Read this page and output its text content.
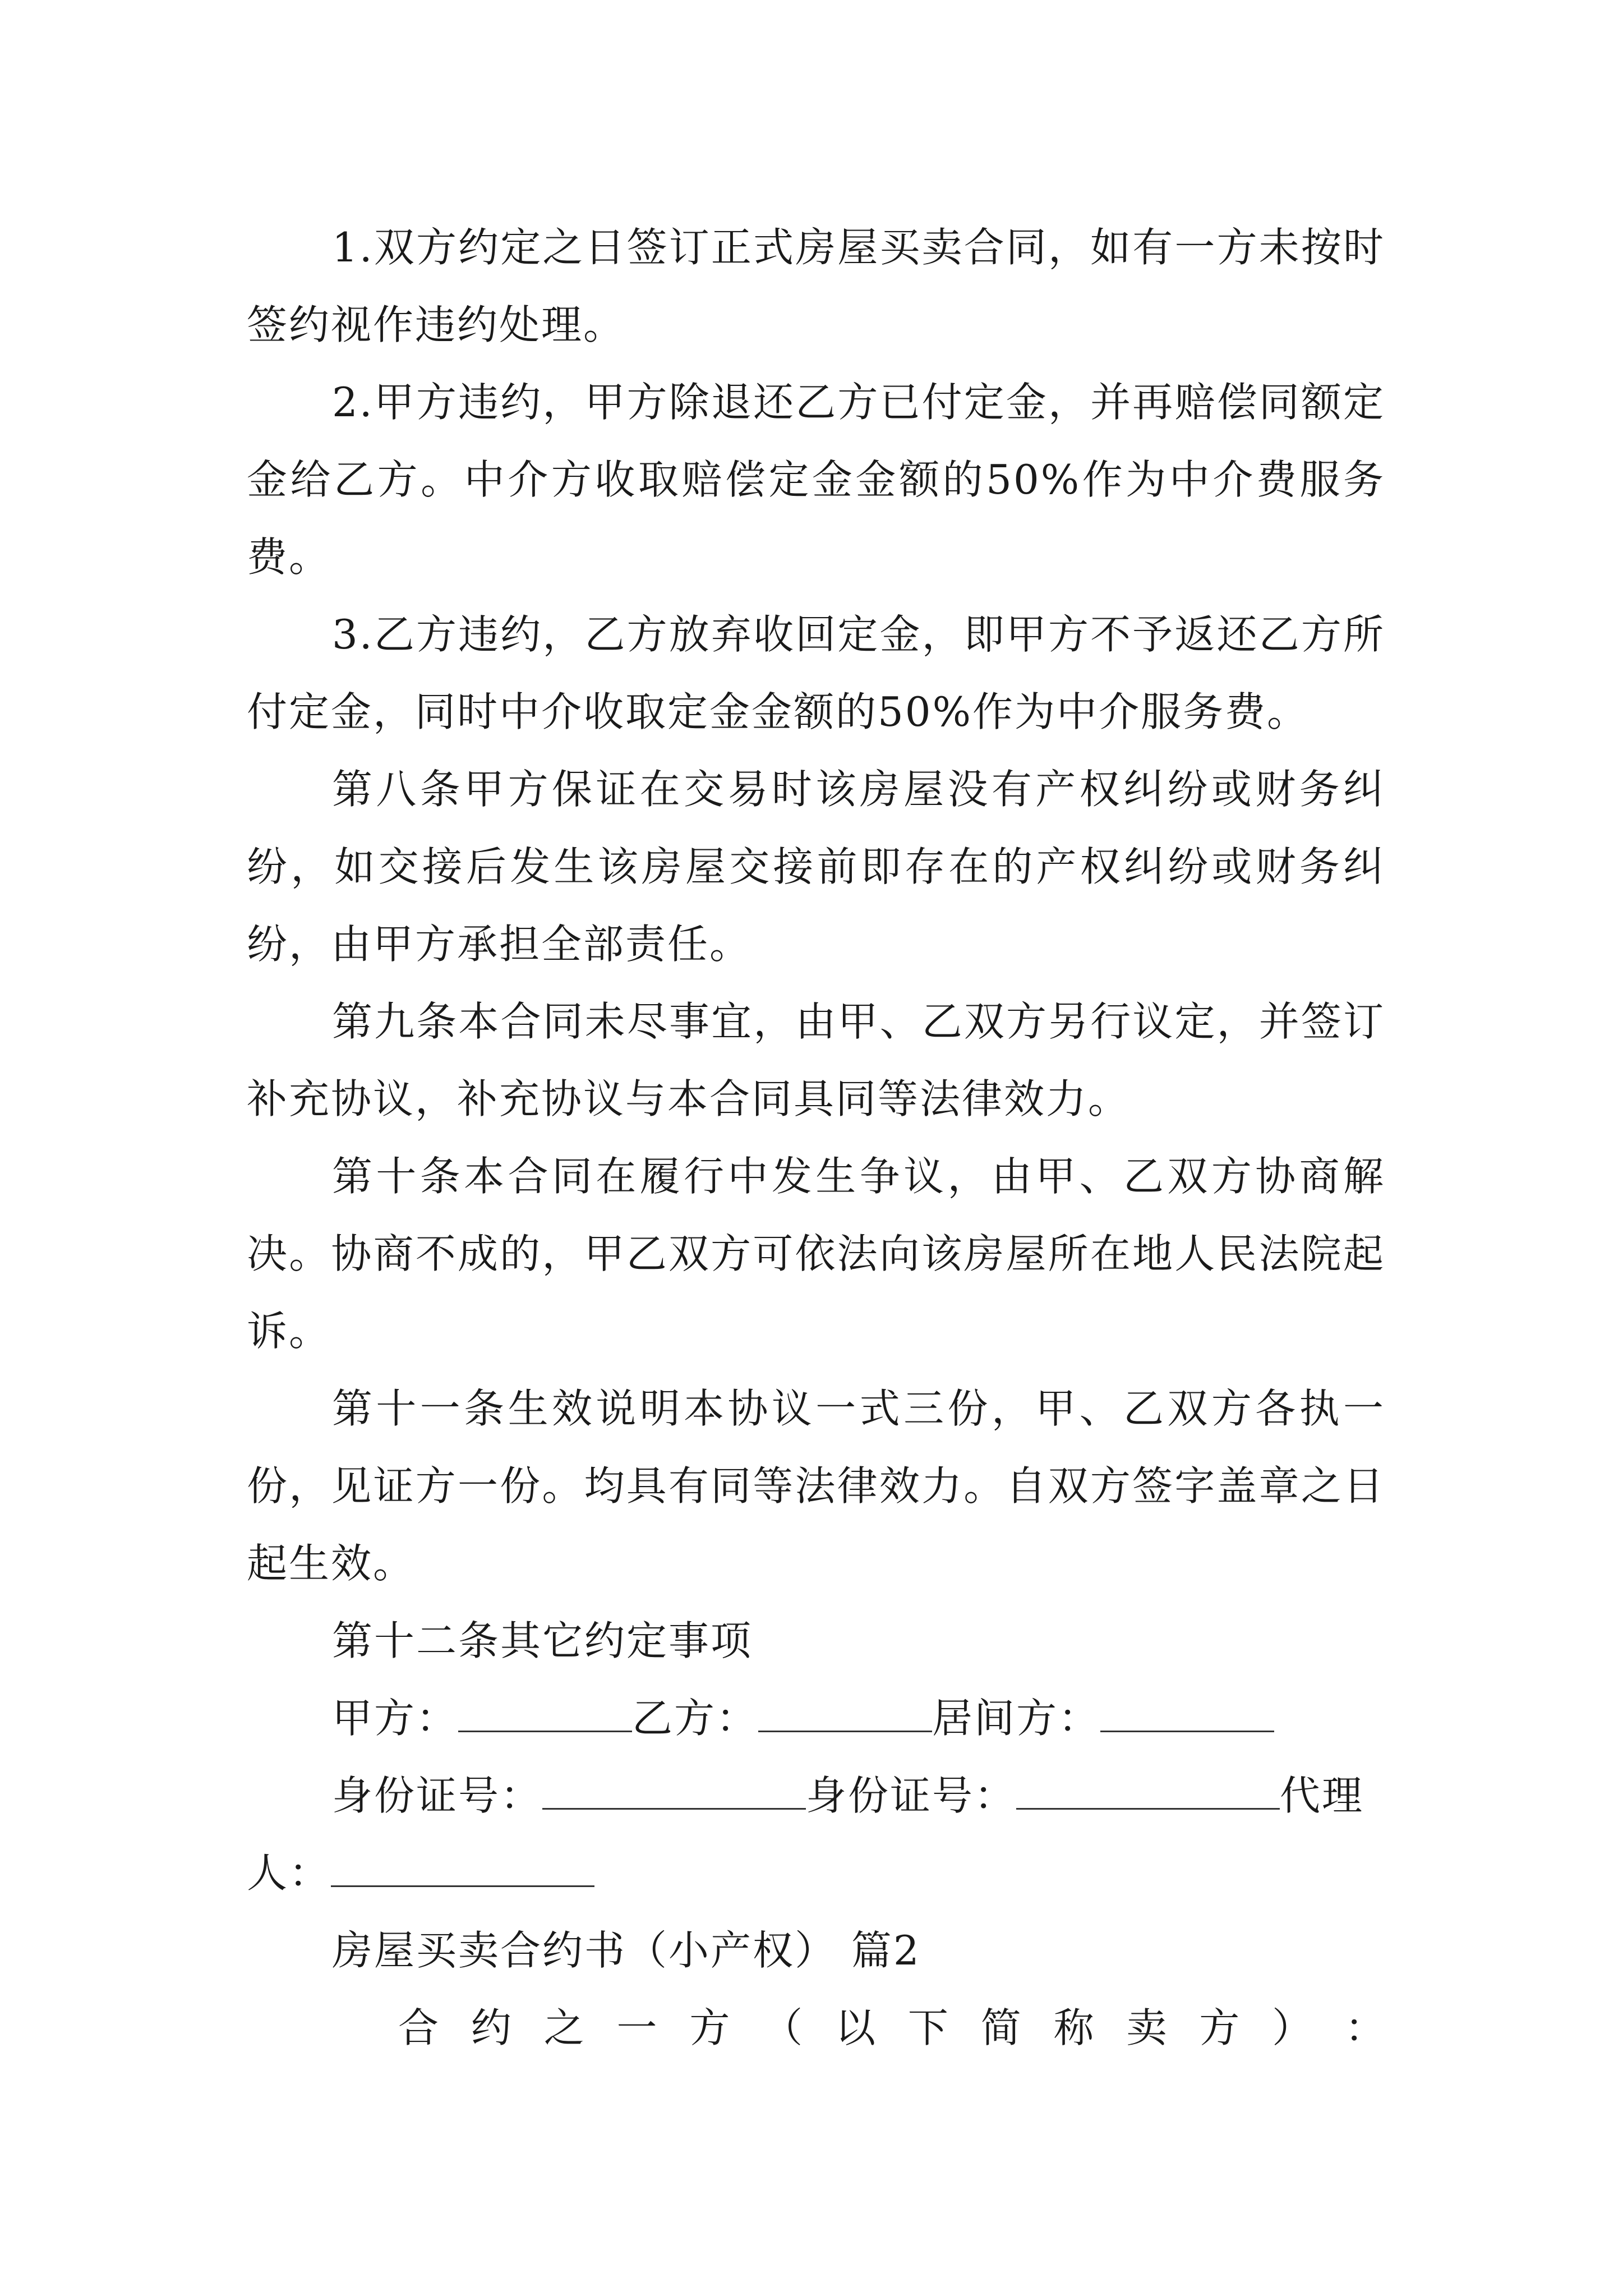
1.双方约定之日签订正式房屋买卖合同，如有一方未按时签约视作违约处理。

2.甲方违约，甲方除退还乙方已付定金，并再赔偿同额定金给乙方。中介方收取赔偿定金金额的50%作为中介费服务费。

3.乙方违约，乙方放弃收回定金，即甲方不予返还乙方所付定金，同时中介收取定金金额的50%作为中介服务费。

第八条甲方保证在交易时该房屋没有产权纠纷或财务纠纷，如交接后发生该房屋交接前即存在的产权纠纷或财务纠纷，由甲方承担全部责任。

第九条本合同未尽事宜，由甲、乙双方另行议定，并签订补充协议，补充协议与本合同具同等法律效力。

第十条本合同在履行中发生争议，由甲、乙双方协商解决。协商不成的，甲乙双方可依法向该房屋所在地人民法院起诉。

第十一条生效说明本协议一式三份，甲、乙双方各执一份，见证方一份。均具有同等法律效力。自双方签字盖章之日起生效。

第十二条其它约定事项

甲方：	乙方：	居间方：

身份证号：	身份证号：	代理

人：

房屋买卖合约书（小产权） 篇2

合 约 之 一 方 （ 以 下 简 称 卖 方 ） ：
